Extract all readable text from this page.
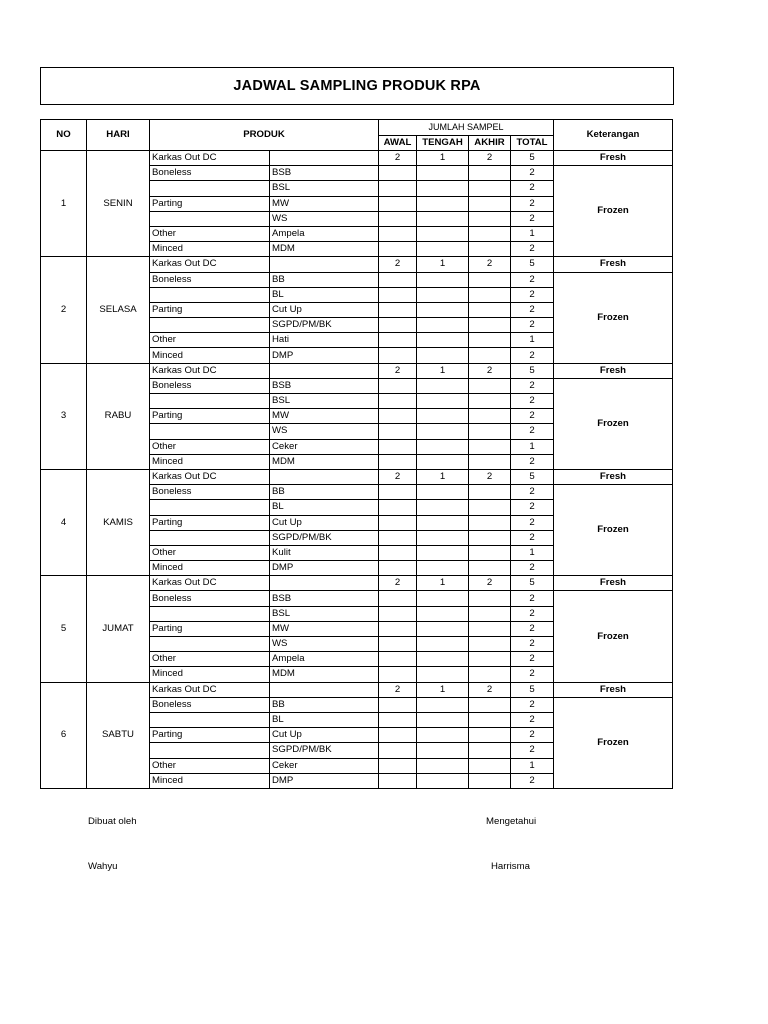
JADWAL SAMPLING PRODUK RPA
NO	HARI	PRODUK		JUMLAH SAMPEL				Keterangan
				AWAL	TENGAH	AKHIR	TOTAL	
1	SENIN	Karkas Out DC		2	1	2	5	Fresh
		Boneless	BSB				2	Frozen
			BSL				2	
		Parting	MW				2	
			WS				2	
		Other	Ampela				1	
		Minced	MDM				2	
2	SELASA	Karkas Out DC		2	1	2	5	Fresh
		Boneless	BB				2	Frozen
			BL				2	
		Parting	Cut Up				2	
			SGPD/PM/BK				2	
		Other	Hati				1	
		Minced	DMP				2	
3	RABU	Karkas Out DC		2	1	2	5	Fresh
		Boneless	BSB				2	Frozen
			BSL				2	
		Parting	MW				2	
			WS				2	
		Other	Ceker				1	
		Minced	MDM				2	
4	KAMIS	Karkas Out DC		2	1	2	5	Fresh
		Boneless	BB				2	Frozen
			BL				2	
		Parting	Cut Up				2	
			SGPD/PM/BK				2	
		Other	Kulit				1	
		Minced	DMP				2	
5	JUMAT	Karkas Out DC		2	1	2	5	Fresh
		Boneless	BSB				2	Frozen
			BSL				2	
		Parting	MW				2	
			WS				2	
		Other	Ampela				2	
		Minced	MDM				2	
6	SABTU	Karkas Out DC		2	1	2	5	Fresh
		Boneless	BB				2	Frozen
			BL				2	
		Parting	Cut Up				2	
			SGPD/PM/BK				2	
		Other	Ceker				1	
		Minced	DMP				2	
Dibuat oleh	Mengetahui
Wahyu	Harrisma
